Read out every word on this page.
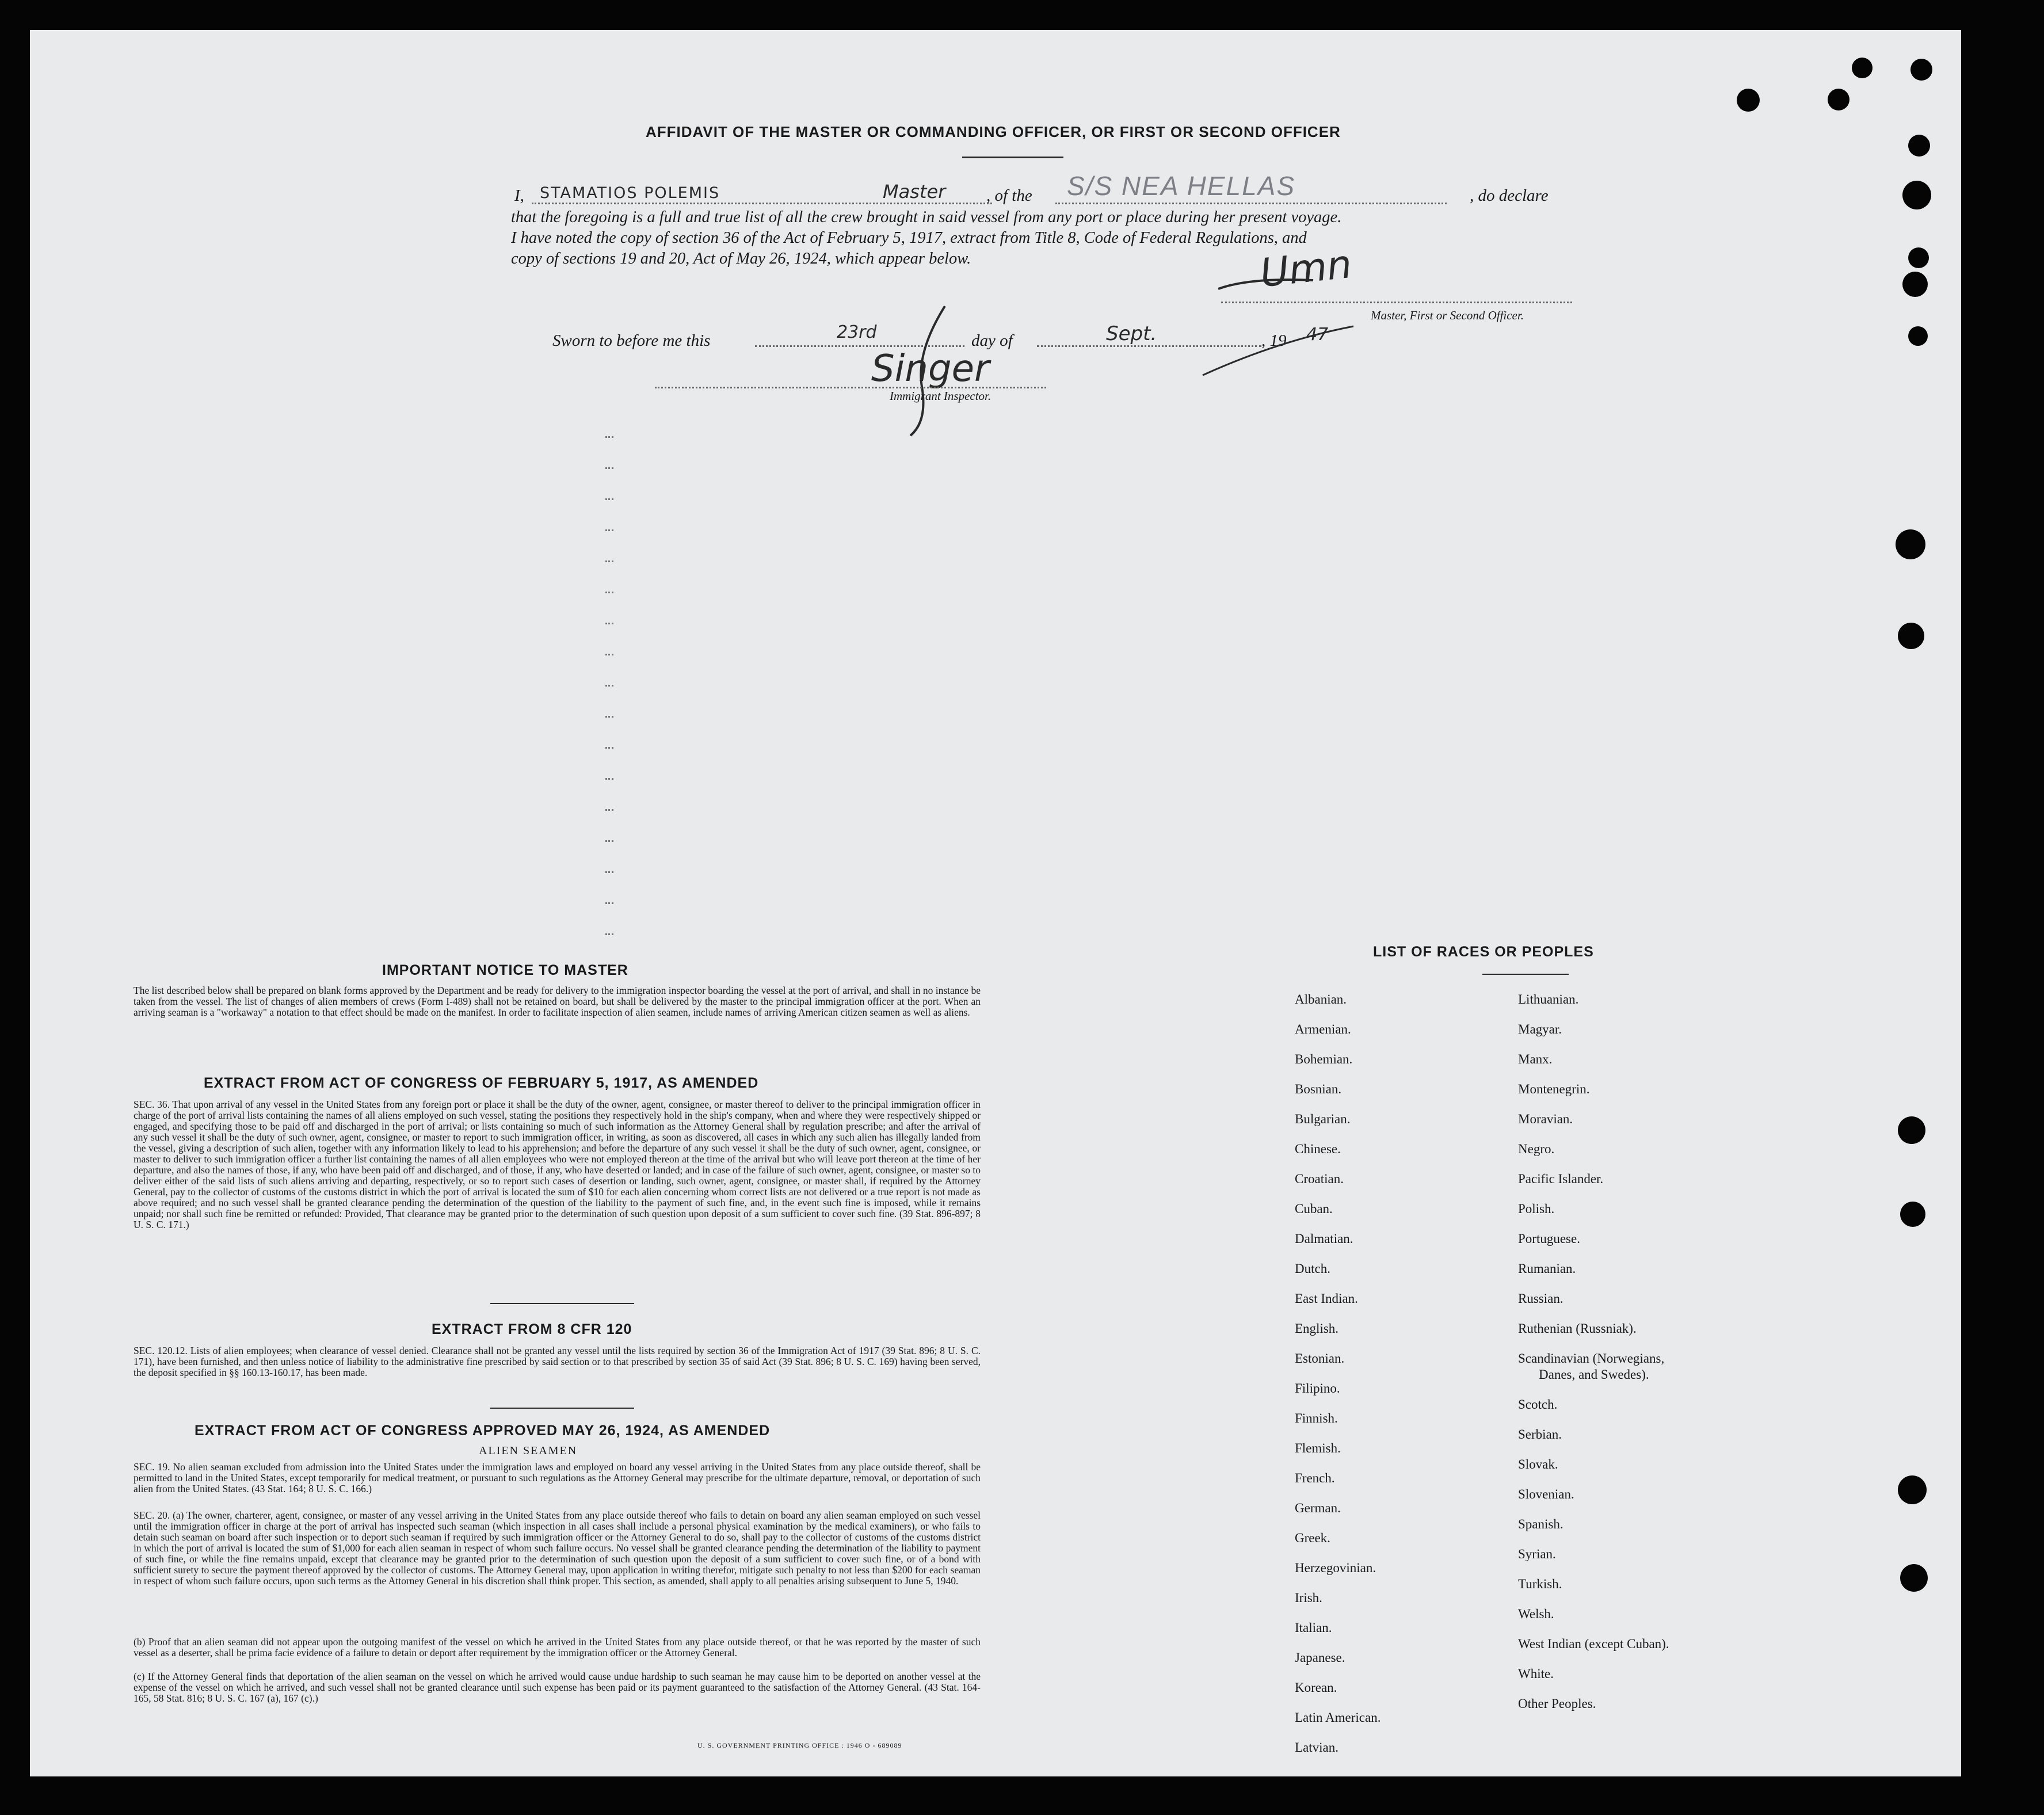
AFFIDAVIT OF THE MASTER OR COMMANDING OFFICER, OR FIRST OR SECOND OFFICER
I, STAMATIOS POLEMIS	Master , of the S/S NEA HELLAS	, do declare
that the foregoing is a full and true list of all the crew brought in said vessel from any port or place during her present voyage.
I have noted the copy of section 36 of the Act of February 5, 1917, extract from Title 8, Code of Federal Regulations, and
copy of sections 19 and 20, Act of May 26, 1924, which appear below.	Umn
Master, First or Second Officer.
Sworn to before me this	23rd	day of	Sept.	, 19 47
Singer
Immigrant Inspector.
IMPORTANT NOTICE TO MASTER
The list described below shall be prepared on blank forms approved by the Department and be ready for delivery to the immigration inspector boarding the vessel at the port of arrival, and shall in no instance be taken from the vessel. The list of changes of alien members of crews (Form I-489) shall not be retained on board, but shall be delivered by the master to the principal immigration officer at the port. When an arriving seaman is a "workaway" a notation to that effect should be made on the manifest. In order to facilitate inspection of alien seamen, include names of arriving American citizen seamen as well as aliens.
EXTRACT FROM ACT OF CONGRESS OF FEBRUARY 5, 1917, AS AMENDED
SEC. 36. That upon arrival of any vessel in the United States from any foreign port or place it shall be the duty of the owner, agent, consignee, or master thereof to deliver to the principal immigration officer in charge of the port of arrival lists containing the names of all aliens employed on such vessel, stating the positions they respectively hold in the ship's company, when and where they were respectively shipped or engaged, and specifying those to be paid off and discharged in the port of arrival; or lists containing so much of such information as the Attorney General shall by regulation prescribe; and after the arrival of any such vessel it shall be the duty of such owner, agent, consignee, or master to report to such immigration officer, in writing, as soon as discovered, all cases in which any such alien has illegally landed from the vessel, giving a description of such alien, together with any information likely to lead to his apprehension; and before the departure of any such vessel it shall be the duty of such owner, agent, consignee, or master to deliver to such immigration officer a further list containing the names of all alien employees who were not employed thereon at the time of the arrival but who will leave port thereon at the time of her departure, and also the names of those, if any, who have been paid off and discharged, and of those, if any, who have deserted or landed; and in case of the failure of such owner, agent, consignee, or master so to deliver either of the said lists of such aliens arriving and departing, respectively, or so to report such cases of desertion or landing, such owner, agent, consignee, or master shall, if required by the Attorney General, pay to the collector of customs of the customs district in which the port of arrival is located the sum of $10 for each alien concerning whom correct lists are not delivered or a true report is not made as above required; and no such vessel shall be granted clearance pending the determination of the question of the liability to the payment of such fine, and, in the event such fine is imposed, while it remains unpaid; nor shall such fine be remitted or refunded: Provided, That clearance may be granted prior to the determination of such question upon deposit of a sum sufficient to cover such fine. (39 Stat. 896-897; 8 U. S. C. 171.)
EXTRACT FROM 8 CFR 120
SEC. 120.12. Lists of alien employees; when clearance of vessel denied. Clearance shall not be granted any vessel until the lists required by section 36 of the Immigration Act of 1917 (39 Stat. 896; 8 U. S. C. 171), have been furnished, and then unless notice of liability to the administrative fine prescribed by said section or to that prescribed by section 35 of said Act (39 Stat. 896; 8 U. S. C. 169) having been served, the deposit specified in §§ 160.13-160.17, has been made.
EXTRACT FROM ACT OF CONGRESS APPROVED MAY 26, 1924, AS AMENDED
ALIEN SEAMEN
SEC. 19. No alien seaman excluded from admission into the United States under the immigration laws and employed on board any vessel arriving in the United States from any place outside thereof, shall be permitted to land in the United States, except temporarily for medical treatment, or pursuant to such regulations as the Attorney General may prescribe for the ultimate departure, removal, or deportation of such alien from the United States. (43 Stat. 164; 8 U. S. C. 166.)
SEC. 20. (a) The owner, charterer, agent, consignee, or master of any vessel arriving in the United States from any place outside thereof who fails to detain on board any alien seaman employed on such vessel until the immigration officer in charge at the port of arrival has inspected such seaman (which inspection in all cases shall include a personal physical examination by the medical examiners), or who fails to detain such seaman on board after such inspection or to deport such seaman if required by such immigration officer or the Attorney General to do so, shall pay to the collector of customs of the customs district in which the port of arrival is located the sum of $1,000 for each alien seaman in respect of whom such failure occurs. No vessel shall be granted clearance pending the determination of the liability to payment of such fine, or while the fine remains unpaid, except that clearance may be granted prior to the determination of such question upon the deposit of a sum sufficient to cover such fine, or of a bond with sufficient surety to secure the payment thereof approved by the collector of customs. The Attorney General may, upon application in writing therefor, mitigate such penalty to not less than $200 for each seaman in respect of whom such failure occurs, upon such terms as the Attorney General in his discretion shall think proper. This section, as amended, shall apply to all penalties arising subsequent to June 5, 1940.
(b) Proof that an alien seaman did not appear upon the outgoing manifest of the vessel on which he arrived in the United States from any place outside thereof, or that he was reported by the master of such vessel as a deserter, shall be prima facie evidence of a failure to detain or deport after requirement by the immigration officer or the Attorney General.
(c) If the Attorney General finds that deportation of the alien seaman on the vessel on which he arrived would cause undue hardship to such seaman he may cause him to be deported on another vessel at the expense of the vessel on which he arrived, and such vessel shall not be granted clearance until such expense has been paid or its payment guaranteed to the satisfaction of the Attorney General. (43 Stat. 164-165, 58 Stat. 816; 8 U. S. C. 167 (a), 167 (c).)
U. S. GOVERNMENT PRINTING OFFICE : 1946 O - 689089
LIST OF RACES OR PEOPLES
Albanian.
Armenian.
Bohemian.
Bosnian.
Bulgarian.
Chinese.
Croatian.
Cuban.
Dalmatian.
Dutch.
East Indian.
English.
Estonian.
Filipino.
Finnish.
Flemish.
French.
German.
Greek.
Herzegovinian.
Irish.
Italian.
Japanese.
Korean.
Latin American.
Latvian.
Lithuanian.
Magyar.
Manx.
Montenegrin.
Moravian.
Negro.
Pacific Islander.
Polish.
Portuguese.
Rumanian.
Russian.
Ruthenian (Russniak).
Scandinavian (Norwegians,
Danes, and Swedes).
Scotch.
Serbian.
Slovak.
Slovenian.
Spanish.
Syrian.
Turkish.
Welsh.
West Indian (except Cuban).
White.
Other Peoples.
